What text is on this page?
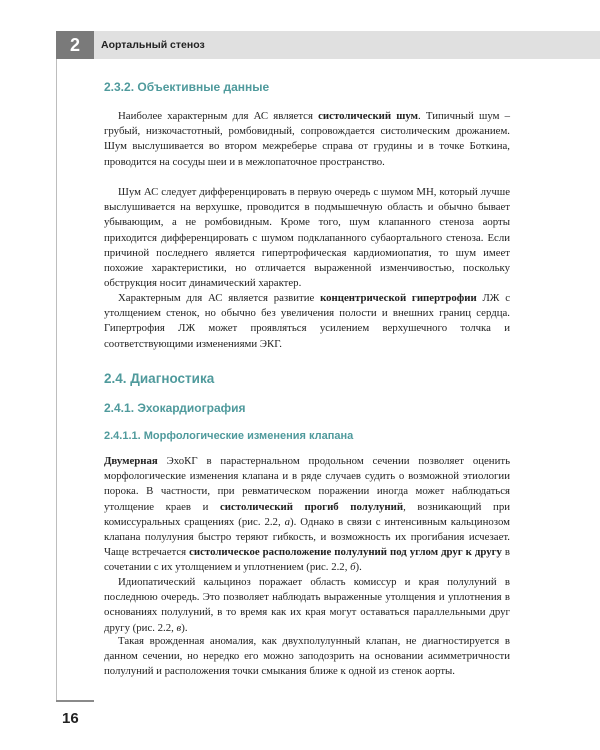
2	Аортальный стеноз
2.3.2. Объективные данные

Наиболее характерным для АС является систолический шум. Типичный шум – грубый, низкочастотный, ромбовидный, сопровождается систолическим дрожанием. Шум выслушивается во втором межреберье справа от грудины и в точке Боткина, проводится на сосуды шеи и в межлопаточное пространство.

Шум АС следует дифференцировать в первую очередь с шумом МН, который лучше выслушивается на верхушке, проводится в подмышечную область и обычно бывает убывающим, а не ромбовидным. Кроме того, шум клапанного стеноза аорты приходится дифференцировать с шумом подклапанного субаортального стеноза. Если причиной последнего является гипертрофическая кардиомиопатия, то шум имеет похожие характеристики, но отличается выраженной изменчивостью, поскольку обструкция носит динамический характер.

Характерным для АС является развитие концентрической гипертрофии ЛЖ с утолщением стенок, но обычно без увеличения полости и внешних границ сердца. Гипертрофия ЛЖ может проявляться усилением верхушечного толчка и соответствующими изменениями ЭКГ.

2.4. Диагностика
2.4.1. Эхокардиография
2.4.1.1. Морфологические изменения клапана

Двумерная ЭхоКГ в парастернальном продольном сечении позволяет оценить морфологические изменения клапана и в ряде случаев судить о возможной этиологии порока. В частности, при ревматическом поражении иногда может наблюдаться утолщение краев и систолический прогиб полулуний, возникающий при комиссуральных сращениях (рис. 2.2, а). Однако в связи с интенсивным кальцинозом клапана полулуния быстро теряют гибкость, и возможность их прогибания исчезает. Чаще встречается систолическое расположение полулуний под углом друг к другу в сочетании с их утолщением и уплотнением (рис. 2.2, б).

Идиопатический кальциноз поражает область комиссур и края полулуний в последнюю очередь. Это позволяет наблюдать выраженные утолщения и уплотнения в основаниях полулуний, в то время как их края могут оставаться параллельными друг другу (рис. 2.2, в).

Такая врожденная аномалия, как двухполулунный клапан, не диагностируется в данном сечении, но нередко его можно заподозрить на основании асимметричности полулуний и расположения точки смыкания ближе к одной из стенок аорты.

16
